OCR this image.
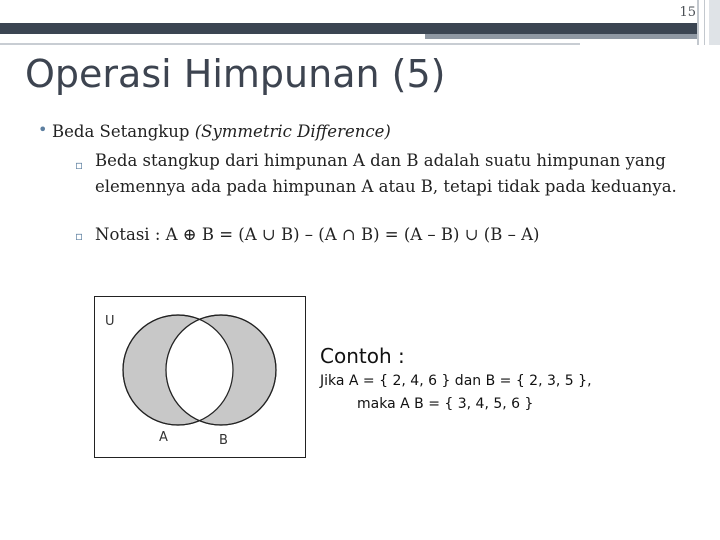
15
Operasi Himpunan (5)
• Beda Setangkup (Symmetric Difference)
▫ Beda stangkup dari himpunan A dan B adalah suatu himpunan yang elemennya ada pada himpunan A atau B, tetapi tidak pada keduanya.
▫ Notasi : A ⊕ B = (A ∪ B) – (A ∩ B) = (A – B) ∪ (B – A)
U
A	B
Contoh :
Jika A = { 2, 4, 6 } dan B = { 2, 3, 5 },
maka A B = { 3, 4, 5, 6 }
